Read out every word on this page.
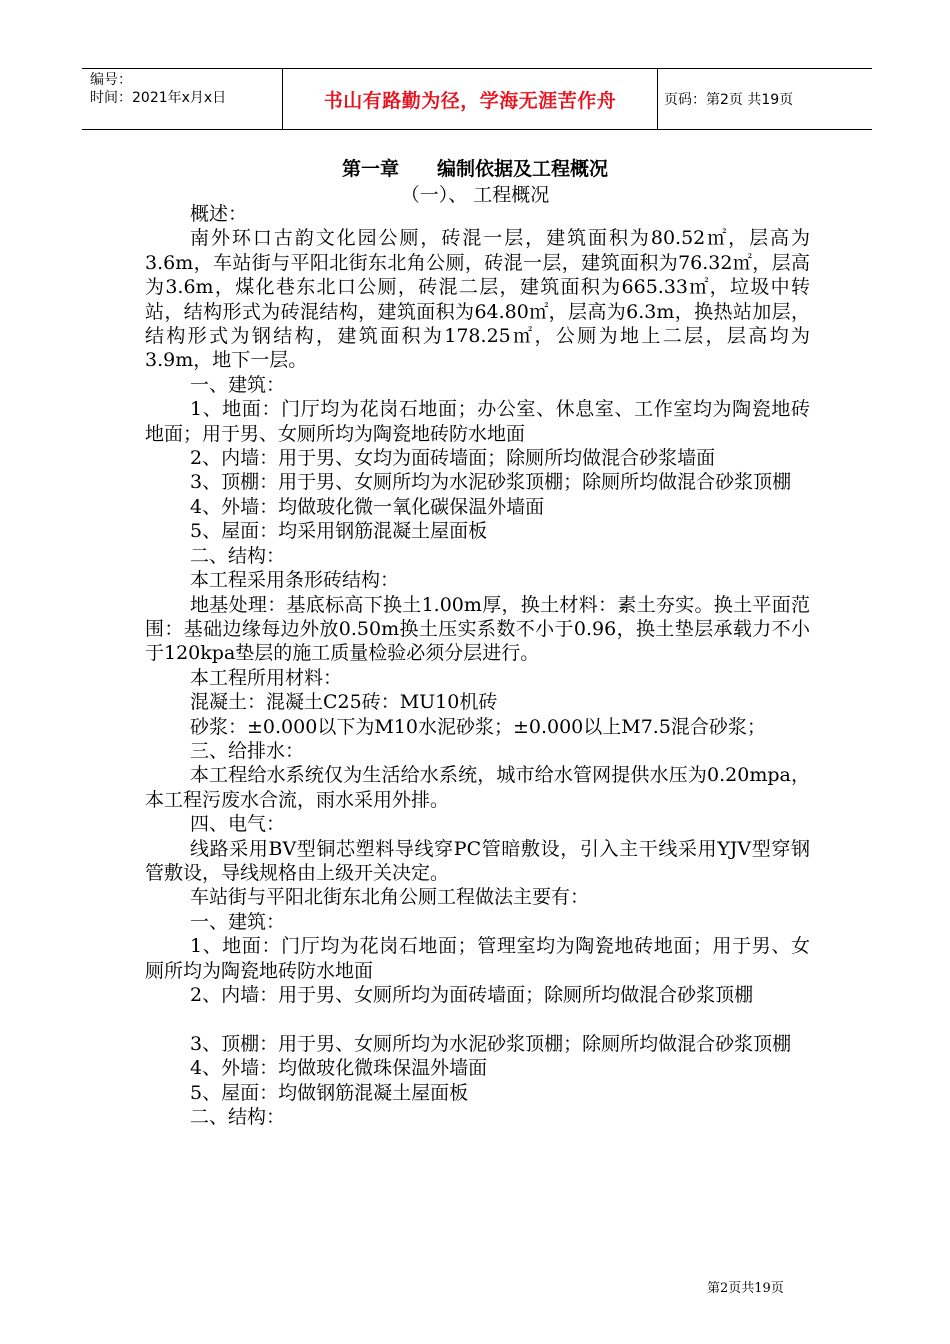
编号：
时间：2021年x月x日	书山有路勤为径，学海无涯苦作舟	页码：第2页 共19页
第一章 编制依据及工程概况
（一）、 工程概况

概述：

南外环口古韵文化园公厕，砖混一层，建筑面积为80.52㎡，层高为3.6m，车站街与平阳北街东北角公厕，砖混一层，建筑面积为76.32㎡，层高为3.6m，煤化巷东北口公厕，砖混二层，建筑面积为665.33㎡，垃圾中转站，结构形式为砖混结构，建筑面积为64.80㎡，层高为6.3m，换热站加层，结构形式为钢结构，建筑面积为178.25㎡，公厕为地上二层，层高均为3.9m，地下一层。

一、建筑：

1、地面：门厅均为花岗石地面；办公室、休息室、工作室均为陶瓷地砖地面；用于男、女厕所均为陶瓷地砖防水地面

2、内墙：用于男、女均为面砖墙面；除厕所均做混合砂浆墙面

3、顶棚：用于男、女厕所均为水泥砂浆顶棚；除厕所均做混合砂浆顶棚

4、外墙：均做玻化微一氧化碳保温外墙面

5、屋面：均采用钢筋混凝土屋面板

二、结构：

本工程采用条形砖结构：

地基处理：基底标高下换土1.00m厚，换土材料：素土夯实。换土平面范围：基础边缘每边外放0.50m换土压实系数不小于0.96，换土垫层承载力不小于120kpa垫层的施工质量检验必须分层进行。

本工程所用材料：

混凝土：混凝土C25砖：MU10机砖

砂浆：±0.000以下为M10水泥砂浆；±0.000以上M7.5混合砂浆；

三、给排水：

本工程给水系统仅为生活给水系统，城市给水管网提供水压为0.20mpa，本工程污废水合流，雨水采用外排。

四、电气：

线路采用BV型铜芯塑料导线穿PC管暗敷设，引入主干线采用YJV型穿钢管敷设，导线规格由上级开关决定。

车站街与平阳北街东北角公厕工程做法主要有：

一、建筑：

1、地面：门厅均为花岗石地面；管理室均为陶瓷地砖地面；用于男、女厕所均为陶瓷地砖防水地面

2、内墙：用于男、女厕所均为面砖墙面；除厕所均做混合砂浆顶棚

3、顶棚：用于男、女厕所均为水泥砂浆顶棚；除厕所均做混合砂浆顶棚

4、外墙：均做玻化微珠保温外墙面

5、屋面：均做钢筋混凝土屋面板

二、结构：

第2页共19页
